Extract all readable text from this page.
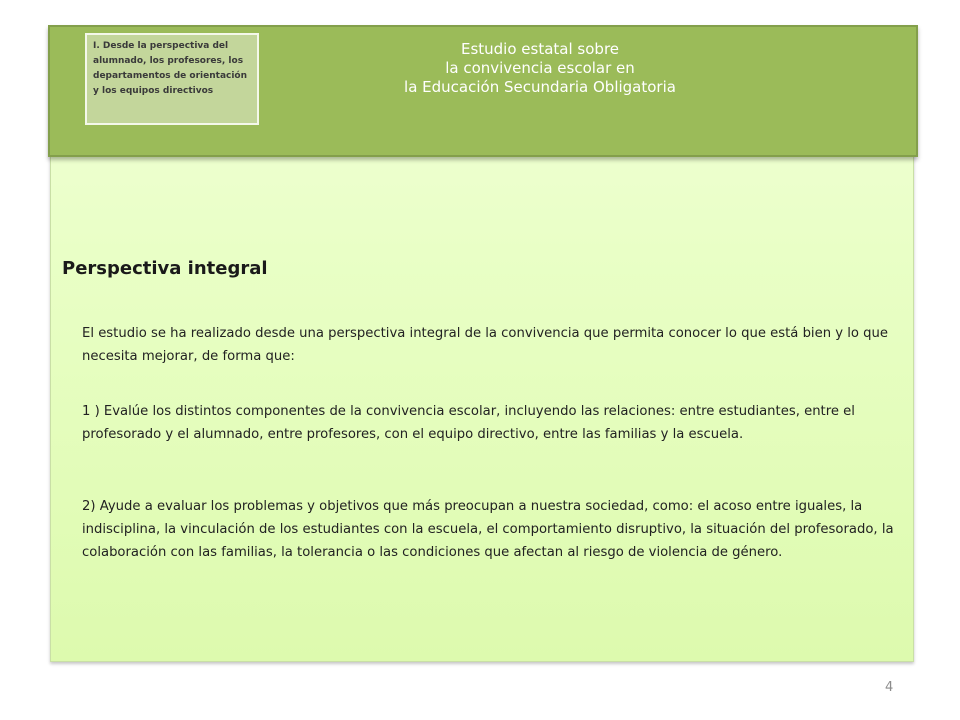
I. Desde la perspectiva del alumnado, los profesores, los departamentos de orientación y los equipos directivos
Estudio estatal sobre
la convivencia escolar en
la Educación Secundaria Obligatoria
Perspectiva integral

El estudio se ha realizado desde una perspectiva integral de la convivencia que permita conocer lo que está bien y lo que necesita mejorar, de forma que:

1 ) Evalúe los distintos componentes de la convivencia escolar, incluyendo las relaciones: entre estudiantes, entre el profesorado y el alumnado, entre profesores, con el equipo directivo, entre las familias y la escuela.

2) Ayude a evaluar los problemas y objetivos que más preocupan a nuestra sociedad, como: el acoso entre iguales, la indisciplina, la vinculación de los estudiantes con la escuela, el comportamiento disruptivo, la situación del profesorado, la colaboración con las familias, la tolerancia o las condiciones que afectan al riesgo de violencia de género.

4
